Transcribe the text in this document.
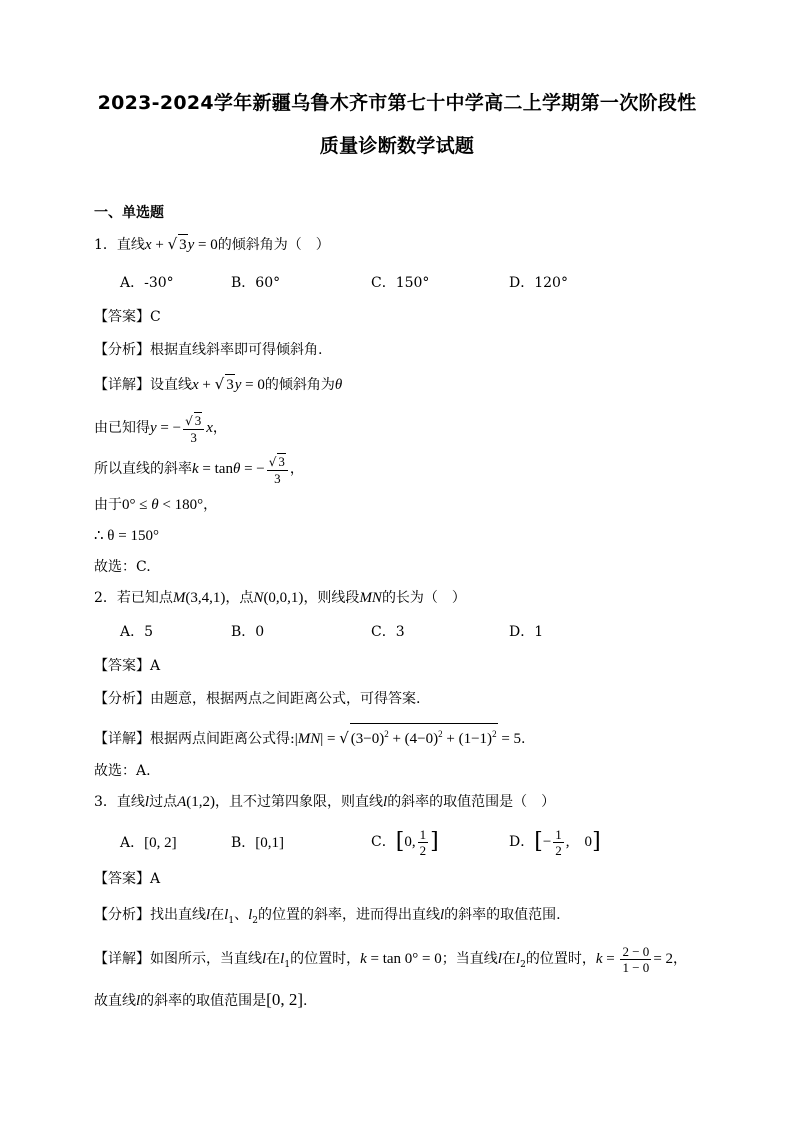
2023-2024学年新疆乌鲁木齐市第七十中学高二上学期第一次阶段性
质量诊断数学试题
一、单选题
1．直线x + √ 3y = 0的倾斜角为（　）
A．-30°	B．60°	C．150°	D．120°
【答案】C
【分析】根据直线斜率即可得倾斜角.
【详解】设直线x + √ 3y = 0的倾斜角为θ
由已知得y = − $\frac{√ 3}{3}$ x，
所以直线的斜率k = tanθ = − $\frac{√ 3}{3}$ ，
由于0° ≤ θ < 180°，
∴ θ = 150°
故选：C.
2．若已知点M(3,4,1)，点N(0,0,1)，则线段MN的长为（　）
A．5	B．0	C．3	D．1
【答案】A
【分析】由题意，根据两点之间距离公式，可得答案.
【详解】根据两点间距离公式得:|MN| = √ $(3-0)^2 + (4-0)^2 + (1-1)^2 = 5$.
故选：A.
3．直线l过点A(1,2)，且不过第四象限，则直线l的斜率的取值范围是（　）
A．[0, 2]	B．[0,1]	C．[0, $\frac{1}{2}$ ]	D．[− $\frac{1}{2}$ ,　0]
【答案】A
【分析】找出直线l在$l_1$、$l_2$的位置的斜率，进而得出直线l的斜率的取值范围.
【详解】如图所示，当直线l在$l_1$的位置时，k = tan 0° = 0；当直线l在$l_2$的位置时，$k = \frac{2 - 0}{1 - 0} = 2$，
故直线l的斜率的取值范围是[0, 2].
